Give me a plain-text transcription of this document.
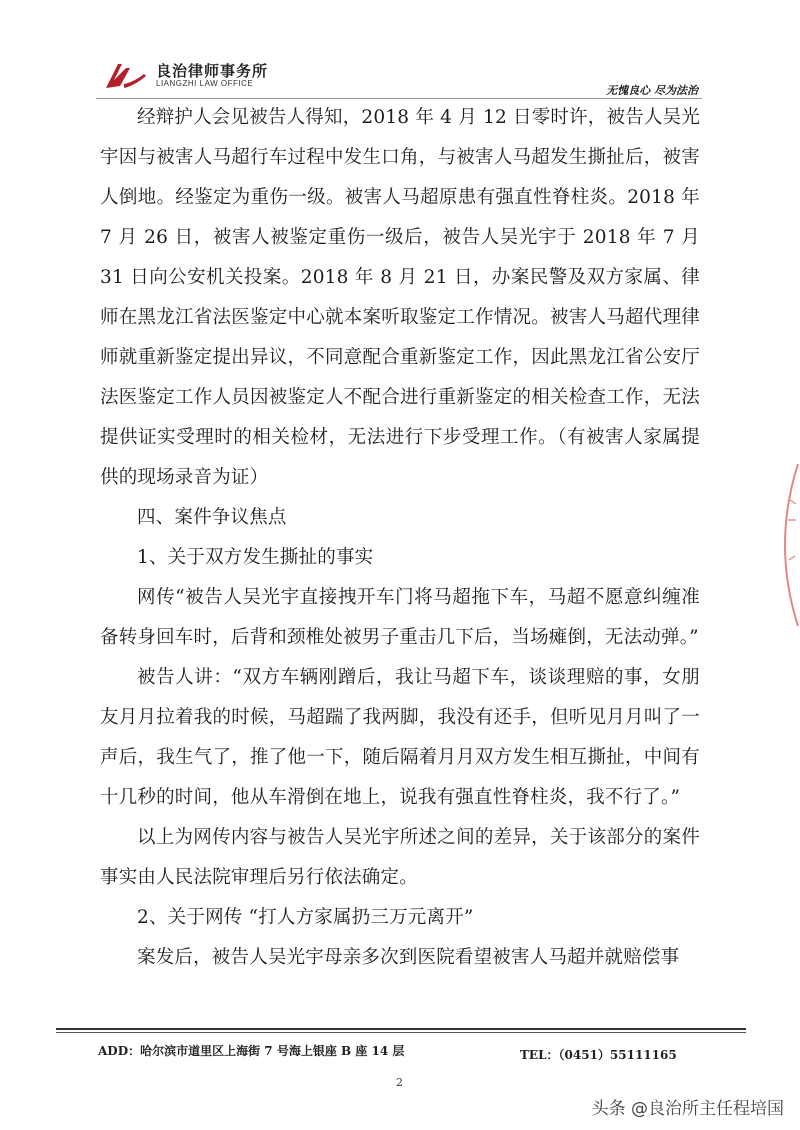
良治律师事务所
LIANGZHI LAW OFFICE
无愧良心 尽为法治

经辩护人会见被告人得知，2018 年 4 月 12 日零时许，被告人吴光宇因与被害人马超行车过程中发生口角，与被害人马超发生撕扯后，被害人倒地。经鉴定为重伤一级。被害人马超原患有强直性脊柱炎。2018 年 7 月 26 日，被害人被鉴定重伤一级后，被告人吴光宇于 2018 年 7 月 31 日向公安机关投案。2018 年 8 月 21 日，办案民警及双方家属、律师在黑龙江省法医鉴定中心就本案听取鉴定工作情况。被害人马超代理律师就重新鉴定提出异议，不同意配合重新鉴定工作，因此黑龙江省公安厅法医鉴定工作人员因被鉴定人不配合进行重新鉴定的相关检查工作，无法提供证实受理时的相关检材，无法进行下步受理工作。（有被害人家属提供的现场录音为证）

四、案件争议焦点

1、关于双方发生撕扯的事实

网传“被告人吴光宇直接拽开车门将马超拖下车，马超不愿意纠缠准备转身回车时，后背和颈椎处被男子重击几下后，当场瘫倒，无法动弹。”

被告人讲：“双方车辆刚蹭后，我让马超下车，谈谈理赔的事，女朋友月月拉着我的时候，马超踹了我两脚，我没有还手，但听见月月叫了一声后，我生气了，推了他一下，随后隔着月月双方发生相互撕扯，中间有十几秒的时间，他从车滑倒在地上，说我有强直性脊柱炎，我不行了。”

以上为网传内容与被告人吴光宇所述之间的差异，关于该部分的案件事实由人民法院审理后另行依法确定。

2、关于网传 “打人方家属扔三万元离开”

案发后，被告人吴光宇母亲多次到医院看望被害人马超并就赔偿事

ADD：哈尔滨市道里区上海街 7 号海上银座 B 座 14 层	TEL：（0451）55111165
2
头条 @良治所主任程培国
